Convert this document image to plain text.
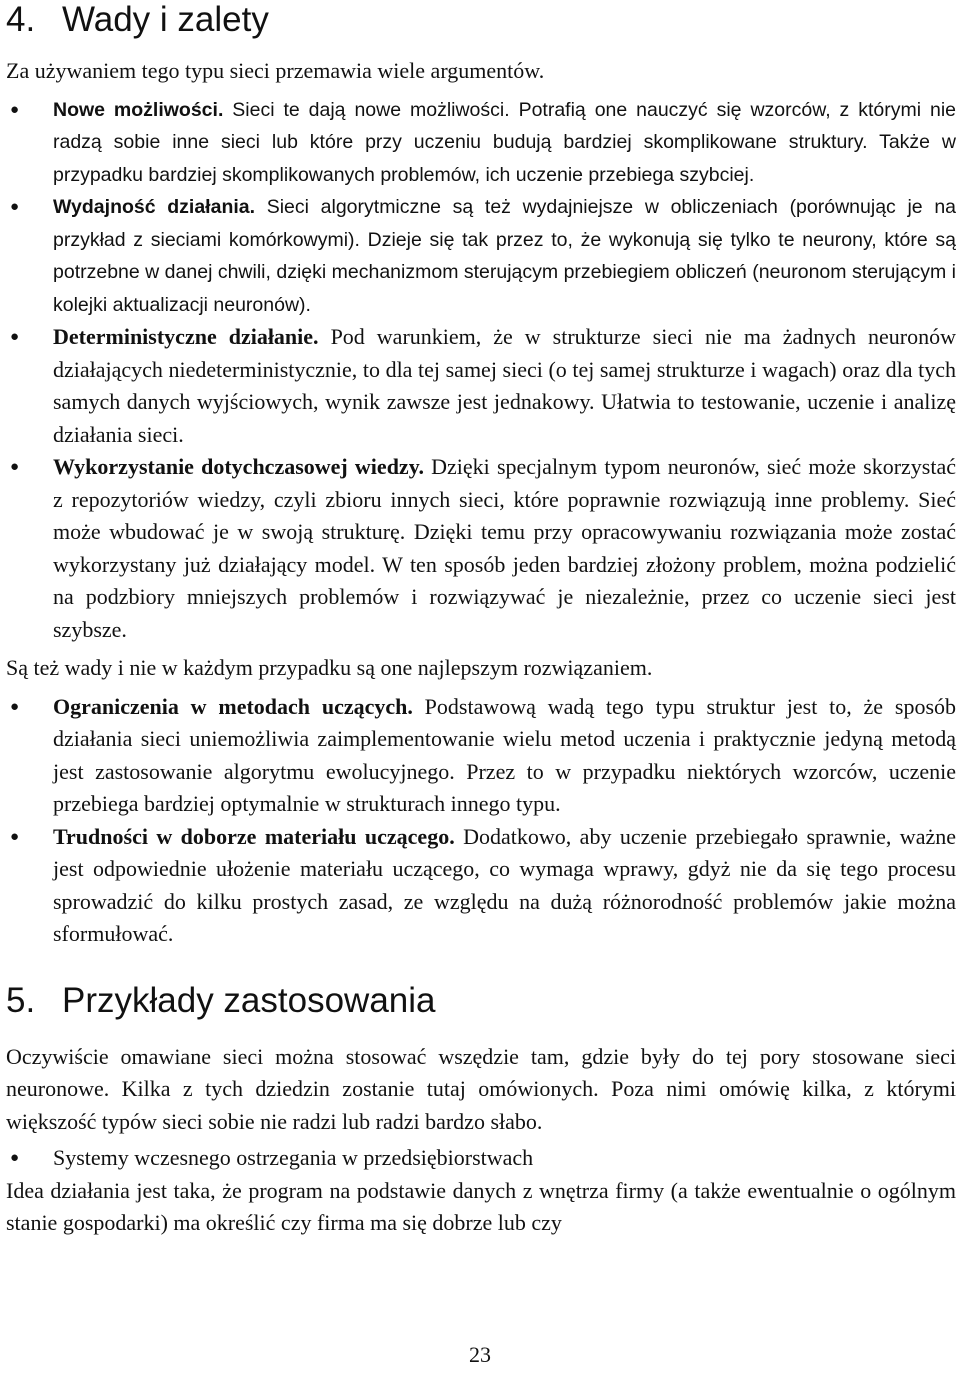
4. Wady i zalety

Za używaniem tego typu sieci przemawia wiele argumentów.

● Nowe możliwości. Sieci te dają nowe możliwości. Potrafią one nauczyć się wzorców, z którymi nie radzą sobie inne sieci lub które przy uczeniu budują bardziej skomplikowane struktury. Także w przypadku bardziej skomplikowanych problemów, ich uczenie przebiega szybciej.
● Wydajność działania. Sieci algorytmiczne są też wydajniejsze w obliczeniach (porównując je na przykład z sieciami komórkowymi). Dzieje się tak przez to, że wykonują się tylko te neurony, które są potrzebne w danej chwili, dzięki mechanizmom sterującym przebiegiem obliczeń (neuronom sterującym i kolejki aktualizacji neuronów).
● Deterministyczne działanie. Pod warunkiem, że w strukturze sieci nie ma żadnych neuronów działających niedeterministycznie, to dla tej samej sieci (o tej samej strukturze i wagach) oraz dla tych samych danych wyjściowych, wynik zawsze jest jednakowy. Ułatwia to testowanie, uczenie i analizę działania sieci.
● Wykorzystanie dotychczasowej wiedzy. Dzięki specjalnym typom neuronów, sieć może skorzystać z repozytoriów wiedzy, czyli zbioru innych sieci, które poprawnie rozwiązują inne problemy. Sieć może wbudować je w swoją strukturę. Dzięki temu przy opracowywaniu rozwiązania może zostać wykorzystany już działający model. W ten sposób jeden bardziej złożony problem, można podzielić na podzbiory mniejszych problemów i rozwiązywać je niezależnie, przez co uczenie sieci jest szybsze.

Są też wady i nie w każdym przypadku są one najlepszym rozwiązaniem.

● Ograniczenia w metodach uczących. Podstawową wadą tego typu struktur jest to, że sposób działania sieci uniemożliwia zaimplementowanie wielu metod uczenia i praktycznie jedyną metodą jest zastosowanie algorytmu ewolucyjnego. Przez to w przypadku niektórych wzorców, uczenie przebiega bardziej optymalnie w strukturach innego typu.
● Trudności w doborze materiału uczącego. Dodatkowo, aby uczenie przebiegało sprawnie, ważne jest odpowiednie ułożenie materiału uczącego, co wymaga wprawy, gdyż nie da się tego procesu sprowadzić do kilku prostych zasad, ze względu na dużą różnorodność problemów jakie można sformułować.
5. Przykłady zastosowania

Oczywiście omawiane sieci można stosować wszędzie tam, gdzie były do tej pory stosowane sieci neuronowe. Kilka z tych dziedzin zostanie tutaj omówionych. Poza nimi omówię kilka, z którymi większość typów sieci sobie nie radzi lub radzi bardzo słabo.

● Systemy wczesnego ostrzegania w przedsiębiorstwach

Idea działania jest taka, że program na podstawie danych z wnętrza firmy (a także ewentualnie o ogólnym stanie gospodarki) ma określić czy firma ma się dobrze lub czy

23
